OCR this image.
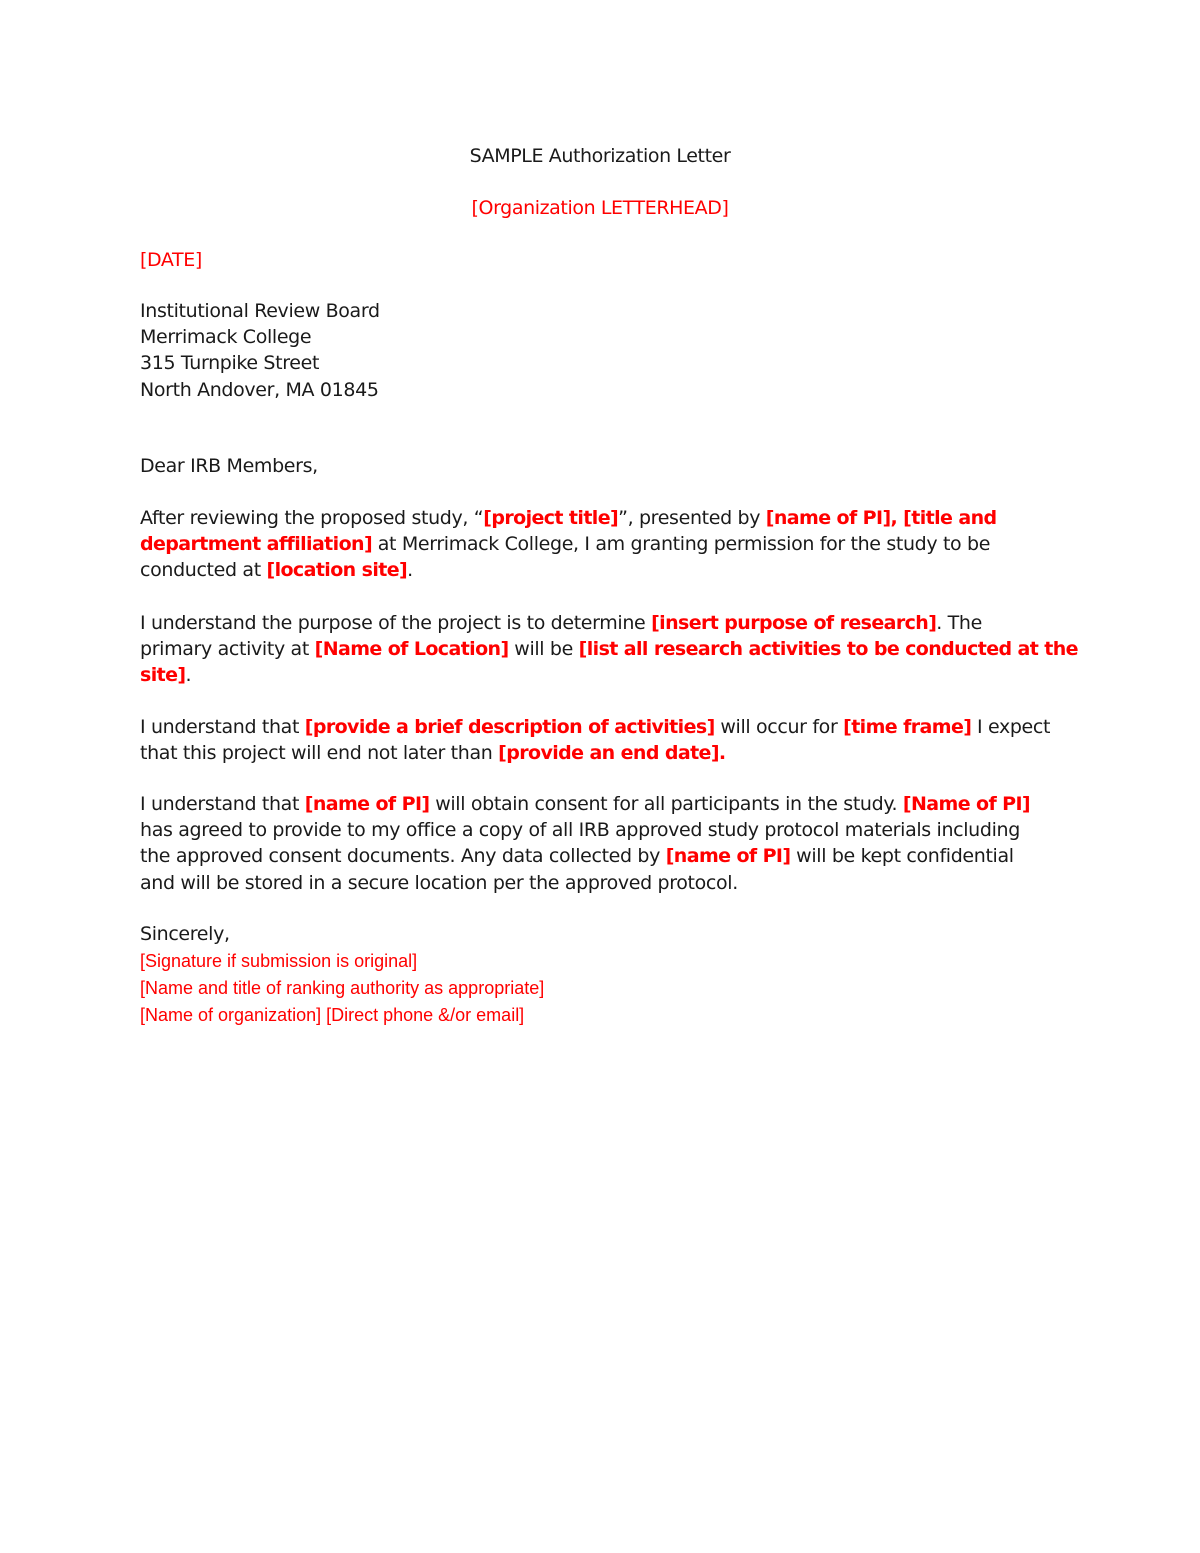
SAMPLE Authorization Letter
[Organization LETTERHEAD]
[DATE]
Institutional Review Board
Merrimack College
315 Turnpike Street
North Andover, MA 01845
Dear IRB Members,
After reviewing the proposed study, “[project title]”, presented by [name of PI], [title and
department affiliation] at Merrimack College, I am granting permission for the study to be
conducted at [location site].
I understand the purpose of the project is to determine [insert purpose of research]. The
primary activity at [Name of Location] will be [list all research activities to be conducted at the
site].
I understand that [provide a brief description of activities] will occur for [time frame] I expect
that this project will end not later than [provide an end date].
I understand that [name of PI] will obtain consent for all participants in the study. [Name of PI]
has agreed to provide to my office a copy of all IRB approved study protocol materials including
the approved consent documents. Any data collected by [name of PI] will be kept confidential
and will be stored in a secure location per the approved protocol.
Sincerely,
[Signature if submission is original]
[Name and title of ranking authority as appropriate]
[Name of organization] [Direct phone &/or email]
